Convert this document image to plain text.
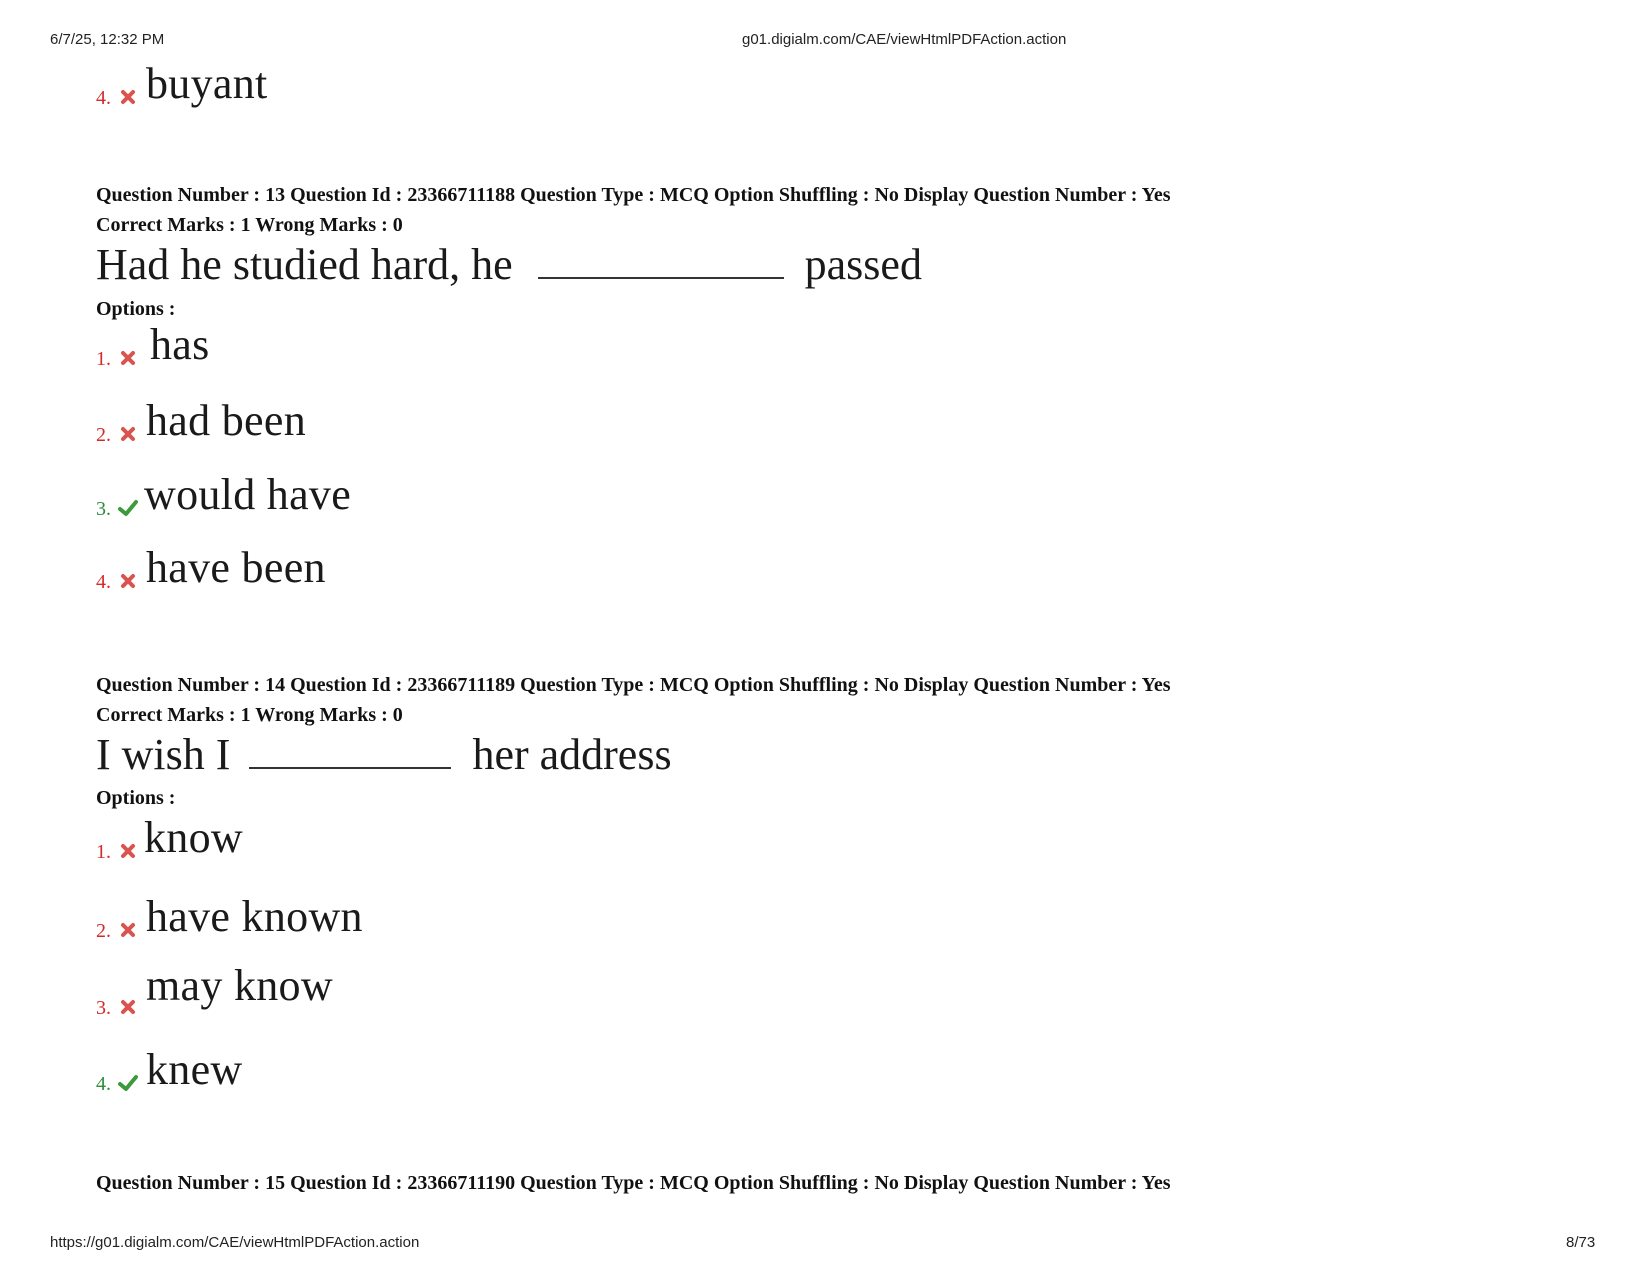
6/7/25, 12:32 PM	g01.digialm.com/CAE/viewHtmlPDFAction.action
4. buyant
Question Number : 13 Question Id : 23366711188 Question Type : MCQ Option Shuffling : No Display Question Number : Yes
Correct Marks : 1 Wrong Marks : 0
Had he studied hard, he	passed
Options :
1. has
2. had been
3. would have
4. have been
Question Number : 14 Question Id : 23366711189 Question Type : MCQ Option Shuffling : No Display Question Number : Yes
Correct Marks : 1 Wrong Marks : 0
I wish I	her address
Options :
1. know
2. have known
3. may know
4. knew
Question Number : 15 Question Id : 23366711190 Question Type : MCQ Option Shuffling : No Display Question Number : Yes
https://g01.digialm.com/CAE/viewHtmlPDFAction.action	8/73
